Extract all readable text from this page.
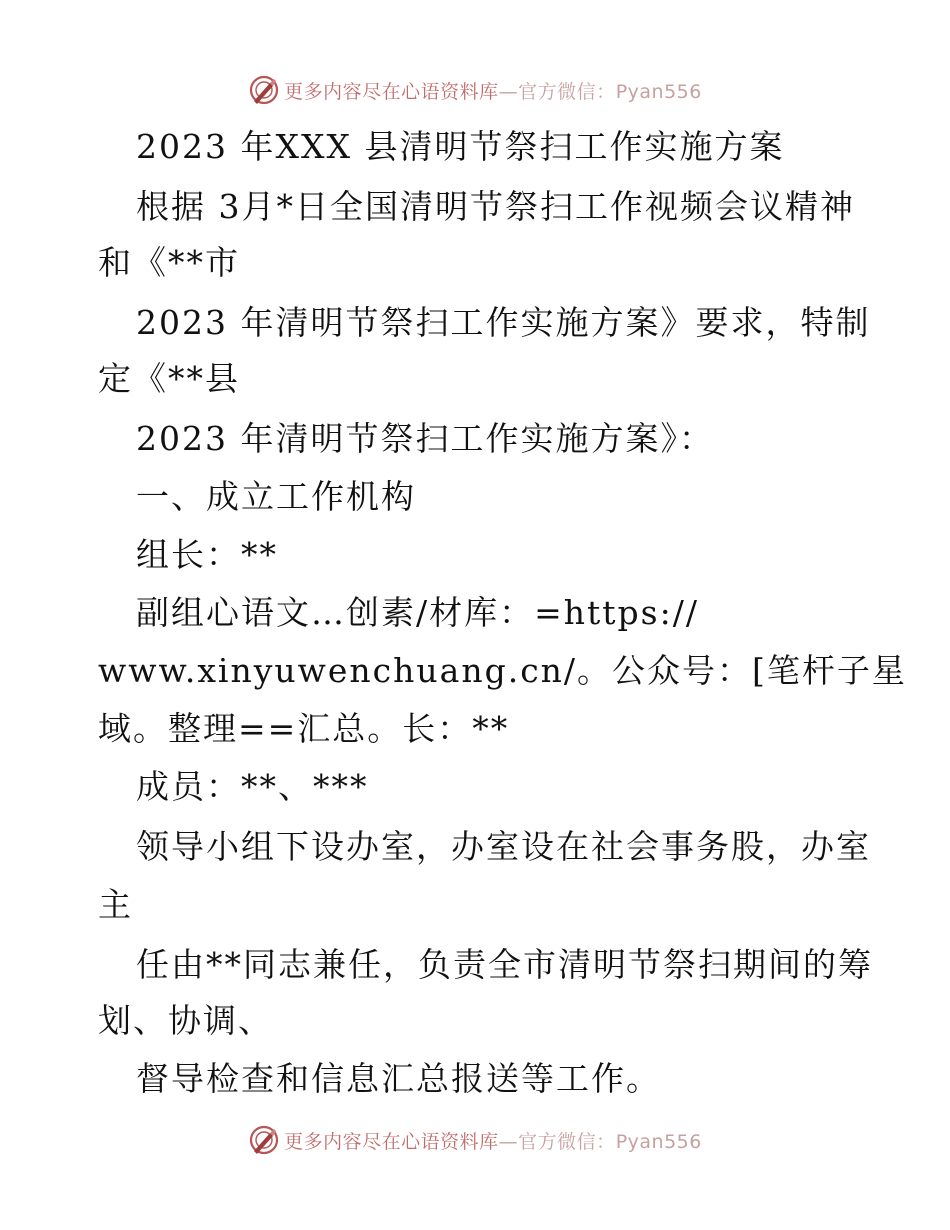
更多内容尽在心语资料库—官方微信：Pyan556
2023 年XXX 县清明节祭扫工作实施方案
根据 3月*日全国清明节祭扫工作视频会议精神
和《**市
2023 年清明节祭扫工作实施方案》要求，特制
定《**县
2023 年清明节祭扫工作实施方案》：
一、成立工作机构
组长：**
副组心语文…创素/材库：=https://
www.xinyuwenchuang.cn/。公众号：[笔杆子星
域。整理==汇总。长：**
成员：**、***
领导小组下设办室，办室设在社会事务股，办室
主
任由**同志兼任，负责全市清明节祭扫期间的筹
划、协调、
督导检查和信息汇总报送等工作。
更多内容尽在心语资料库—官方微信：Pyan556
